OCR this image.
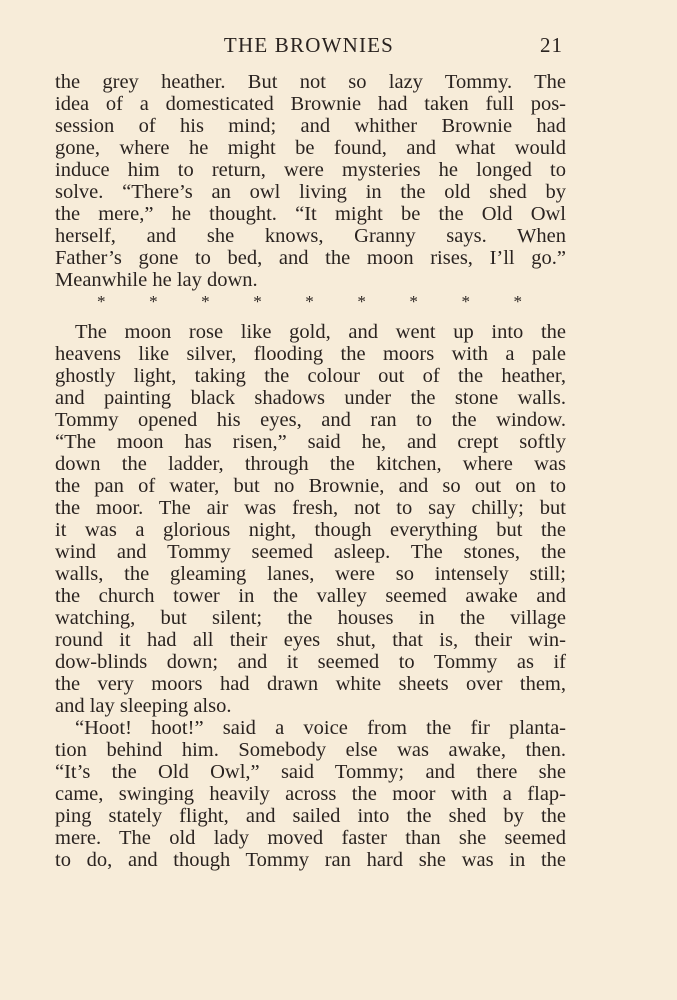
THE BROWNIES	21
the grey heather. But not so lazy Tommy. The
idea of a domesticated Brownie had taken full pos-
session of his mind; and whither Brownie had
gone, where he might be found, and what would
induce him to return, were mysteries he longed to
solve. “There’s an owl living in the old shed by
the mere,” he thought. “It might be the Old Owl
herself, and she knows, Granny says. When
Father’s gone to bed, and the moon rises, I’ll go.”
Meanwhile he lay down.
*	*	*	*	*	*	*	*	*
The moon rose like gold, and went up into the
heavens like silver, flooding the moors with a pale
ghostly light, taking the colour out of the heather,
and painting black shadows under the stone walls.
Tommy opened his eyes, and ran to the window.
“The moon has risen,” said he, and crept softly
down the ladder, through the kitchen, where was
the pan of water, but no Brownie, and so out on to
the moor. The air was fresh, not to say chilly; but
it was a glorious night, though everything but the
wind and Tommy seemed asleep. The stones, the
walls, the gleaming lanes, were so intensely still;
the church tower in the valley seemed awake and
watching, but silent; the houses in the village
round it had all their eyes shut, that is, their win-
dow-blinds down; and it seemed to Tommy as if
the very moors had drawn white sheets over them,
and lay sleeping also.
“Hoot! hoot!” said a voice from the fir planta-
tion behind him. Somebody else was awake, then.
“It’s the Old Owl,” said Tommy; and there she
came, swinging heavily across the moor with a flap-
ping stately flight, and sailed into the shed by the
mere. The old lady moved faster than she seemed
to do, and though Tommy ran hard she was in the
